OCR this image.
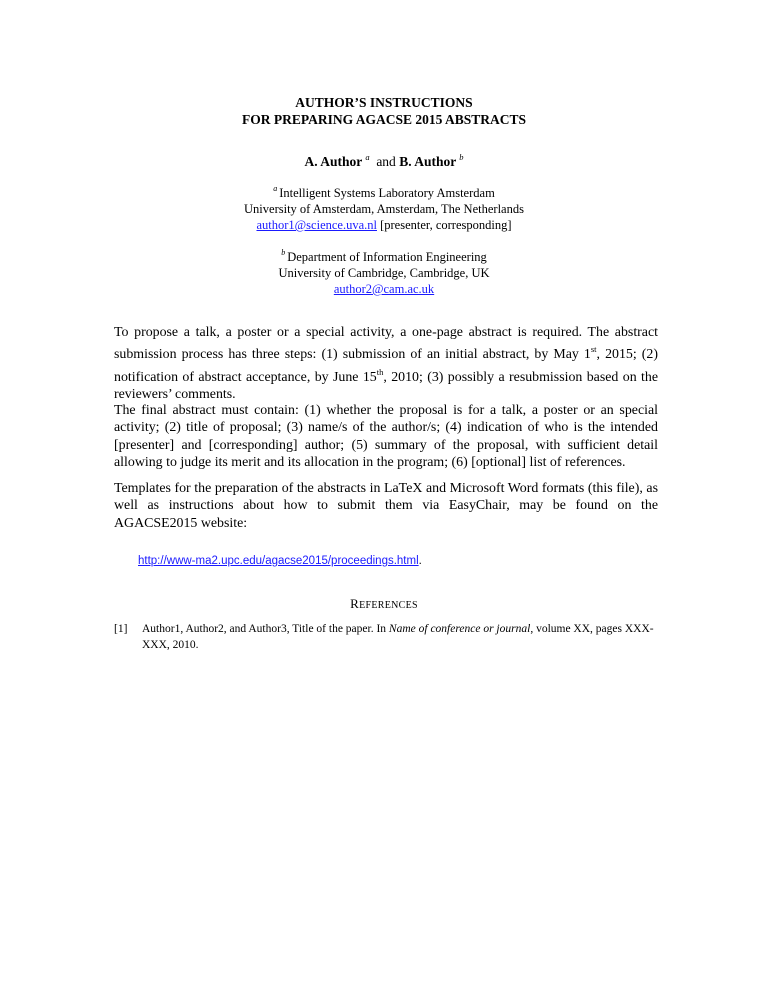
AUTHOR’S INSTRUCTIONS
FOR PREPARING AGACSE 2015 ABSTRACTS
A. Author $^a$ and B. Author $^b$
$^a$ Intelligent Systems Laboratory Amsterdam
University of Amsterdam, Amsterdam, The Netherlands
author1@science.uva.nl [presenter, corresponding]
$^b$ Department of Information Engineering
University of Cambridge, Cambridge, UK
author2@cam.ac.uk
To propose a talk, a poster or a special activity, a one-page abstract is required. The abstract submission process has three steps: (1) submission of an initial abstract, by May 1st, 2015; (2) notification of abstract acceptance, by June 15th, 2010; (3) possibly a resubmission based on the reviewers’ comments.
The final abstract must contain: (1) whether the proposal is for a talk, a poster or an special activity; (2) title of proposal; (3) name/s of the author/s; (4) indication of who is the intended [presenter] and [corresponding] author; (5) summary of the proposal, with sufficient detail allowing to judge its merit and its allocation in the program; (6) [optional] list of references.
Templates for the preparation of the abstracts in LaTeX and Microsoft Word formats (this file), as well as instructions about how to submit them via EasyChair, may be found on the AGACSE2015 website:
http://www-ma2.upc.edu/agacse2015/proceedings.html.
REFERENCES
[1] Author1, Author2, and Author3, Title of the paper. In Name of conference or journal, volume XX, pages XXX-XXX, 2010.
